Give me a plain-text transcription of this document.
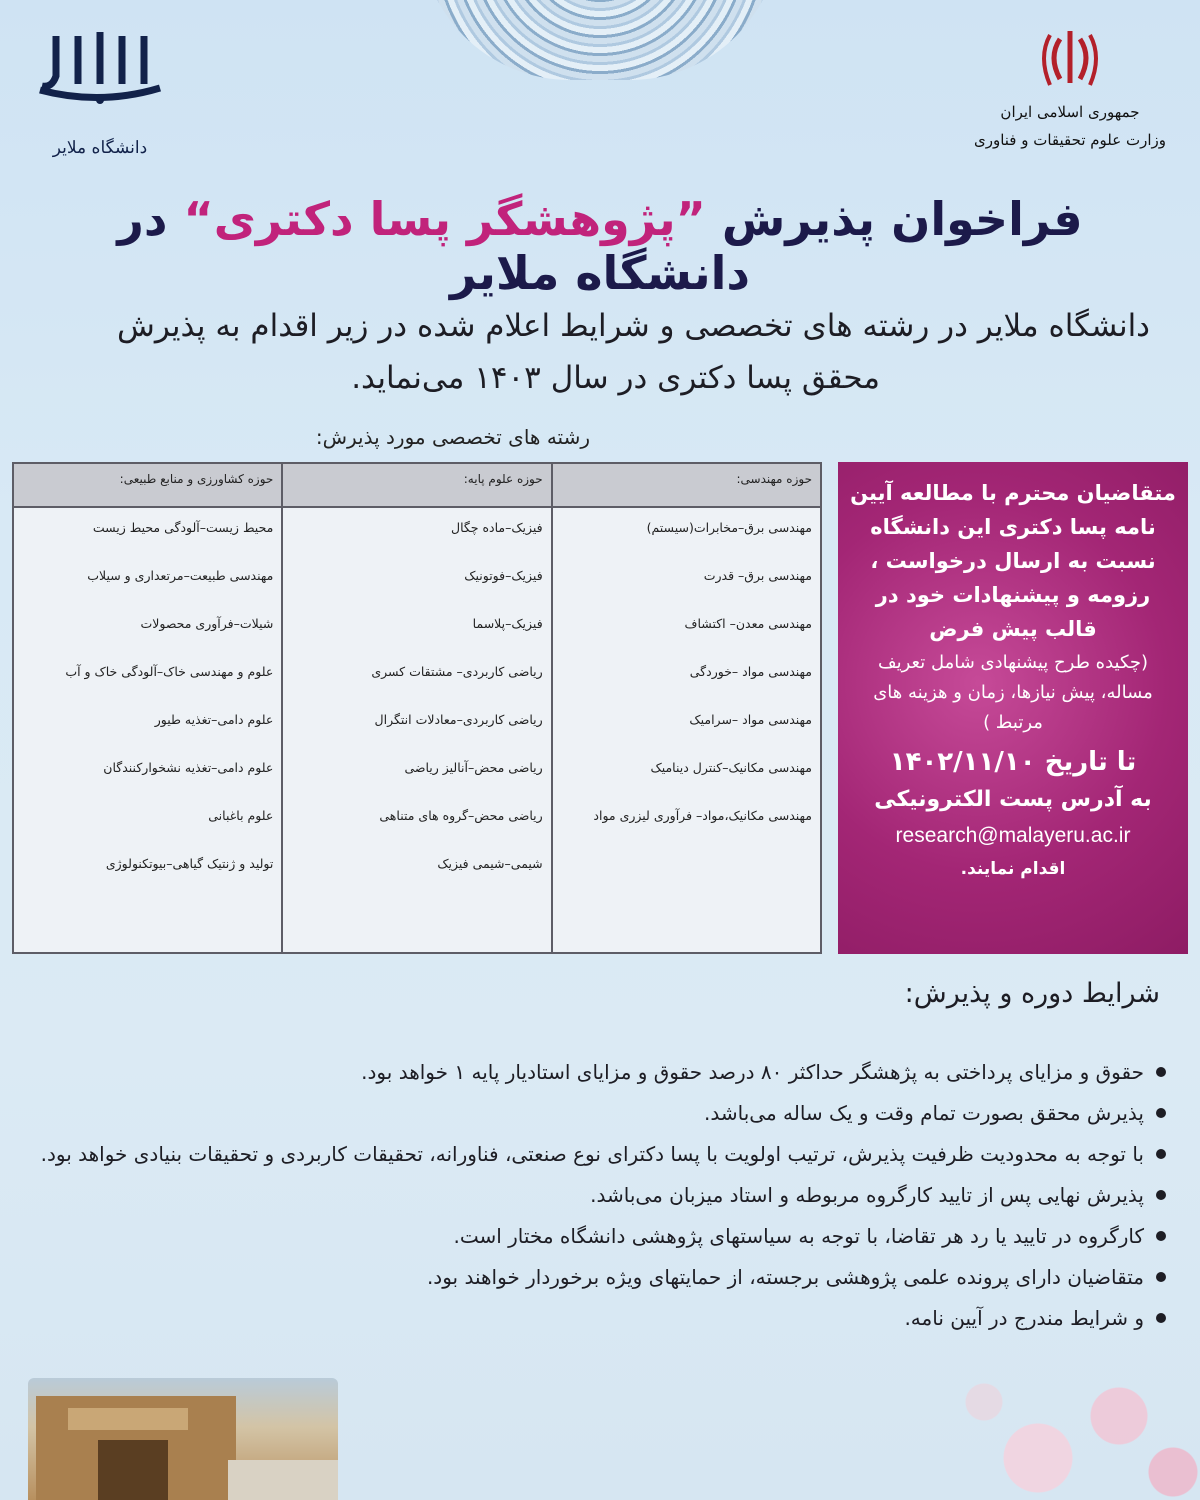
دانشگاه ملایر
جمهوری اسلامی ایران
وزارت علوم تحقیقات و فناوری
فراخوان پذیرش ”پژوهشگر پسا دکتری“ در دانشگاه ملایر
دانشگاه ملایر در رشته های تخصصی و شرایط اعلام شده در زیر اقدام به پذیرش
محقق پسا دکتری در سال ۱۴۰۳ می‌نماید.
رشته های تخصصی مورد پذیرش:
حوزه مهندسی:
مهندسی برق–مخابرات(سیستم)
مهندسی برق– قدرت
مهندسی معدن– اکتشاف
مهندسی مواد –خوردگی
مهندسی مواد –سرامیک
مهندسی مکانیک–کنترل دینامیک
مهندسی مکانیک،مواد– فرآوری لیزری مواد
حوزه علوم پایه:
فیزیک–ماده چگال
فیزیک–فوتونیک
فیزیک–پلاسما
ریاضی کاربردی– مشتقات کسری
ریاضی کاربردی–معادلات انتگرال
ریاضی محض–آنالیز ریاضی
ریاضی محض–گروه های متناهی
شیمی–شیمی فیزیک
حوزه کشاورزی و منابع طبیعی:
محیط زیست–آلودگی محیط زیست
مهندسی طبیعت–مرتعداری و سیلاب
شیلات–فرآوری محصولات
علوم و مهندسی خاک–آلودگی خاک و آب
علوم دامی–تغذیه طیور
علوم دامی–تغذیه نشخوارکنندگان
علوم باغبانی
تولید و ژنتیک گیاهی–بیوتکنولوژی
متقاضیان محترم با مطالعه آیین نامه پسا دکتری این دانشگاه نسبت به ارسال درخواست ، رزومه و پیشنهادات خود در قالب پیش فرض
(چکیده طرح پیشنهادی شامل تعریف مساله، پیش نیازها، زمان و هزینه های مرتبط )
تا تاریخ ۱۴۰۲/۱۱/۱۰
به آدرس پست الکترونیکی
research@malayeru.ac.ir
اقدام نمایند.
شرایط دوره و پذیرش:
حقوق و مزایای پرداختی به پژهشگر حداکثر ۸۰ درصد حقوق و مزایای استادیار پایه ۱ خواهد بود.
پذیرش محقق بصورت تمام وقت و یک ساله می‌باشد.
با توجه به محدودیت ظرفیت پذیرش، ترتیب اولویت با پسا دکترای نوع صنعتی، فناورانه، تحقیقات کاربردی و تحقیقات بنیادی خواهد بود.
پذیرش نهایی پس از تایید کارگروه مربوطه و استاد میزبان می‌باشد.
کارگروه در تایید یا رد هر تقاضا، با توجه به سیاستهای پژوهشی دانشگاه مختار است.
متقاضیان دارای پرونده علمی پژوهشی برجسته، از حمایتهای ویژه برخوردار خواهند بود.
و شرایط مندرج در آیین نامه.
